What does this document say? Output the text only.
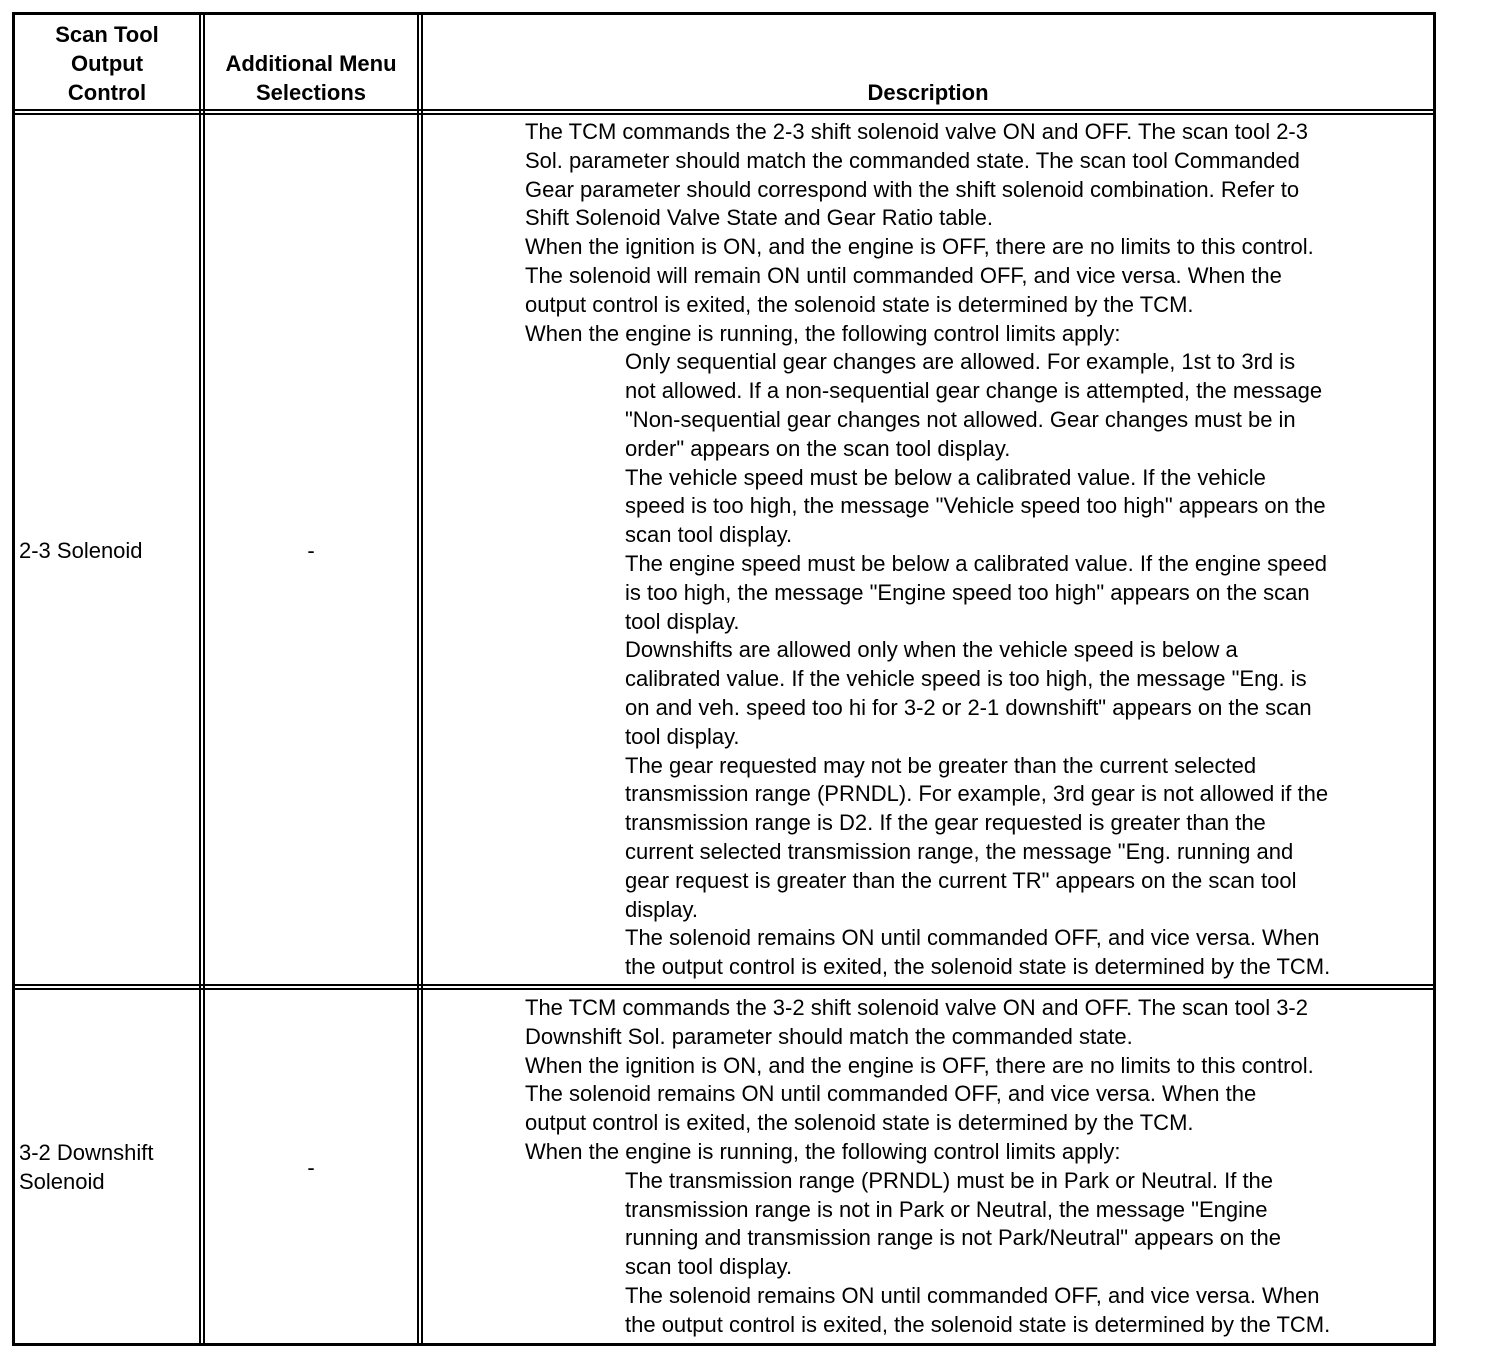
Scan Tool
Output
Control
Additional Menu
Selections	Description
2-3 Solenoid	-
The TCM commands the 2-3 shift solenoid valve ON and OFF. The scan tool 2-3
Sol. parameter should match the commanded state. The scan tool Commanded
Gear parameter should correspond with the shift solenoid combination. Refer to
Shift Solenoid Valve State and Gear Ratio table.
When the ignition is ON, and the engine is OFF, there are no limits to this control.
The solenoid will remain ON until commanded OFF, and vice versa. When the
output control is exited, the solenoid state is determined by the TCM.
When the engine is running, the following control limits apply:
Only sequential gear changes are allowed. For example, 1st to 3rd is
not allowed. If a non-sequential gear change is attempted, the message
"Non-sequential gear changes not allowed. Gear changes must be in
order" appears on the scan tool display.
The vehicle speed must be below a calibrated value. If the vehicle
speed is too high, the message "Vehicle speed too high" appears on the
scan tool display.
The engine speed must be below a calibrated value. If the engine speed
is too high, the message "Engine speed too high" appears on the scan
tool display.
Downshifts are allowed only when the vehicle speed is below a
calibrated value. If the vehicle speed is too high, the message "Eng. is
on and veh. speed too hi for 3-2 or 2-1 downshift" appears on the scan
tool display.
The gear requested may not be greater than the current selected
transmission range (PRNDL). For example, 3rd gear is not allowed if the
transmission range is D2. If the gear requested is greater than the
current selected transmission range, the message "Eng. running and
gear request is greater than the current TR" appears on the scan tool
display.
The solenoid remains ON until commanded OFF, and vice versa. When
the output control is exited, the solenoid state is determined by the TCM.
3-2 Downshift
Solenoid
-
The TCM commands the 3-2 shift solenoid valve ON and OFF. The scan tool 3-2
Downshift Sol. parameter should match the commanded state.
When the ignition is ON, and the engine is OFF, there are no limits to this control.
The solenoid remains ON until commanded OFF, and vice versa. When the
output control is exited, the solenoid state is determined by the TCM.
When the engine is running, the following control limits apply:
The transmission range (PRNDL) must be in Park or Neutral. If the
transmission range is not in Park or Neutral, the message "Engine
running and transmission range is not Park/Neutral" appears on the
scan tool display.
The solenoid remains ON until commanded OFF, and vice versa. When
the output control is exited, the solenoid state is determined by the TCM.
